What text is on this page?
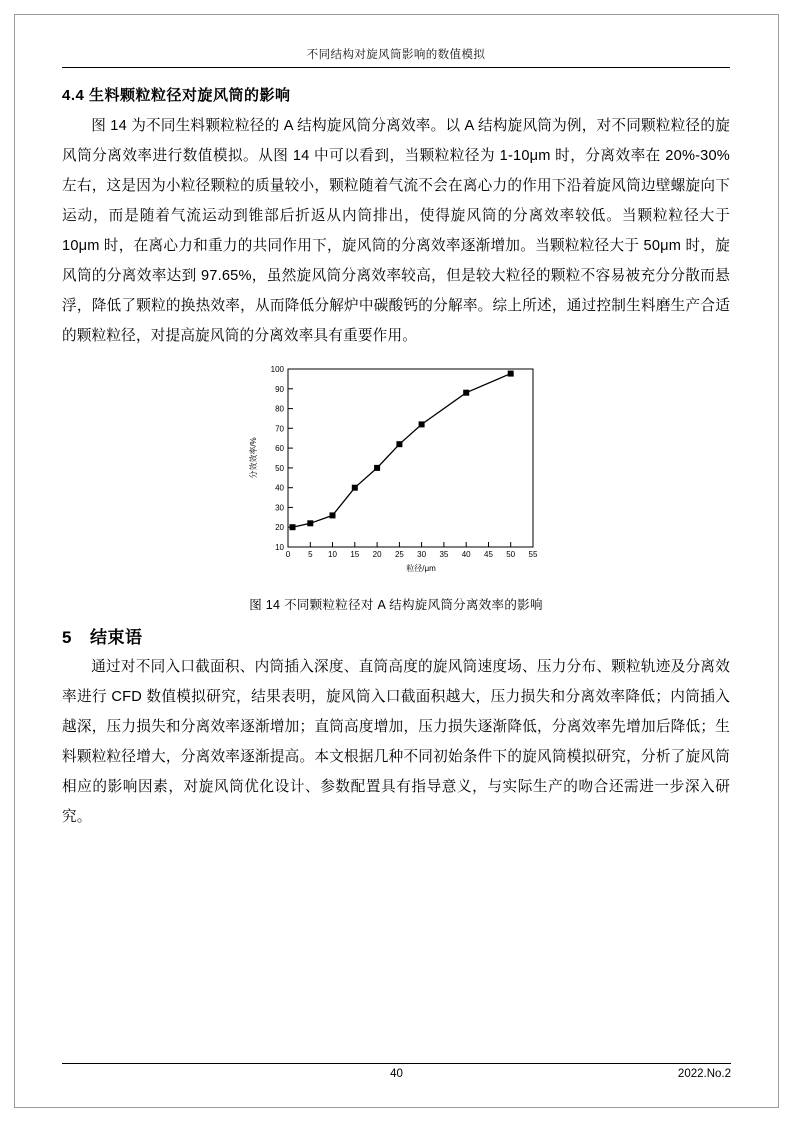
不同结构对旋风筒影响的数值模拟
4.4 生料颗粒粒径对旋风筒的影响

图 14 为不同生料颗粒粒径的 A 结构旋风筒分离效率。以 A 结构旋风筒为例，对不同颗粒粒径的旋风筒分离效率进行数值模拟。从图 14 中可以看到，当颗粒粒径为 1-10μm 时，分离效率在 20%-30%左右，这是因为小粒径颗粒的质量较小，颗粒随着气流不会在离心力的作用下沿着旋风筒边壁螺旋向下运动，而是随着气流运动到锥部后折返从内筒排出，使得旋风筒的分离效率较低。当颗粒粒径大于 10μm 时，在离心力和重力的共同作用下，旋风筒的分离效率逐渐增加。当颗粒粒径大于 50μm 时，旋风筒的分离效率达到 97.65%，虽然旋风筒分离效率较高，但是较大粒径的颗粒不容易被充分分散而悬浮，降低了颗粒的换热效率，从而降低分解炉中碳酸钙的分解率。综上所述，通过控制生料磨生产合适的颗粒粒径，对提高旋风筒的分离效率具有重要作用。

10
20
30
40
50
60
70
80
90
100
0 5 10 15 20 25 30 35 40 45 50 55
粒径/μm
分效效率/%
图 14 不同颗粒粒径对 A 结构旋风筒分离效率的影响
5 结束语

通过对不同入口截面积、内筒插入深度、直筒高度的旋风筒速度场、压力分布、颗粒轨迹及分离效率进行 CFD 数值模拟研究，结果表明，旋风筒入口截面积越大，压力损失和分离效率降低；内筒插入越深，压力损失和分离效率逐渐增加；直筒高度增加，压力损失逐渐降低，分离效率先增加后降低；生料颗粒粒径增大，分离效率逐渐提高。本文根据几种不同初始条件下的旋风筒模拟研究，分析了旋风筒相应的影响因素，对旋风筒优化设计、参数配置具有指导意义，与实际生产的吻合还需进一步深入研究。

40	2022.No.2
